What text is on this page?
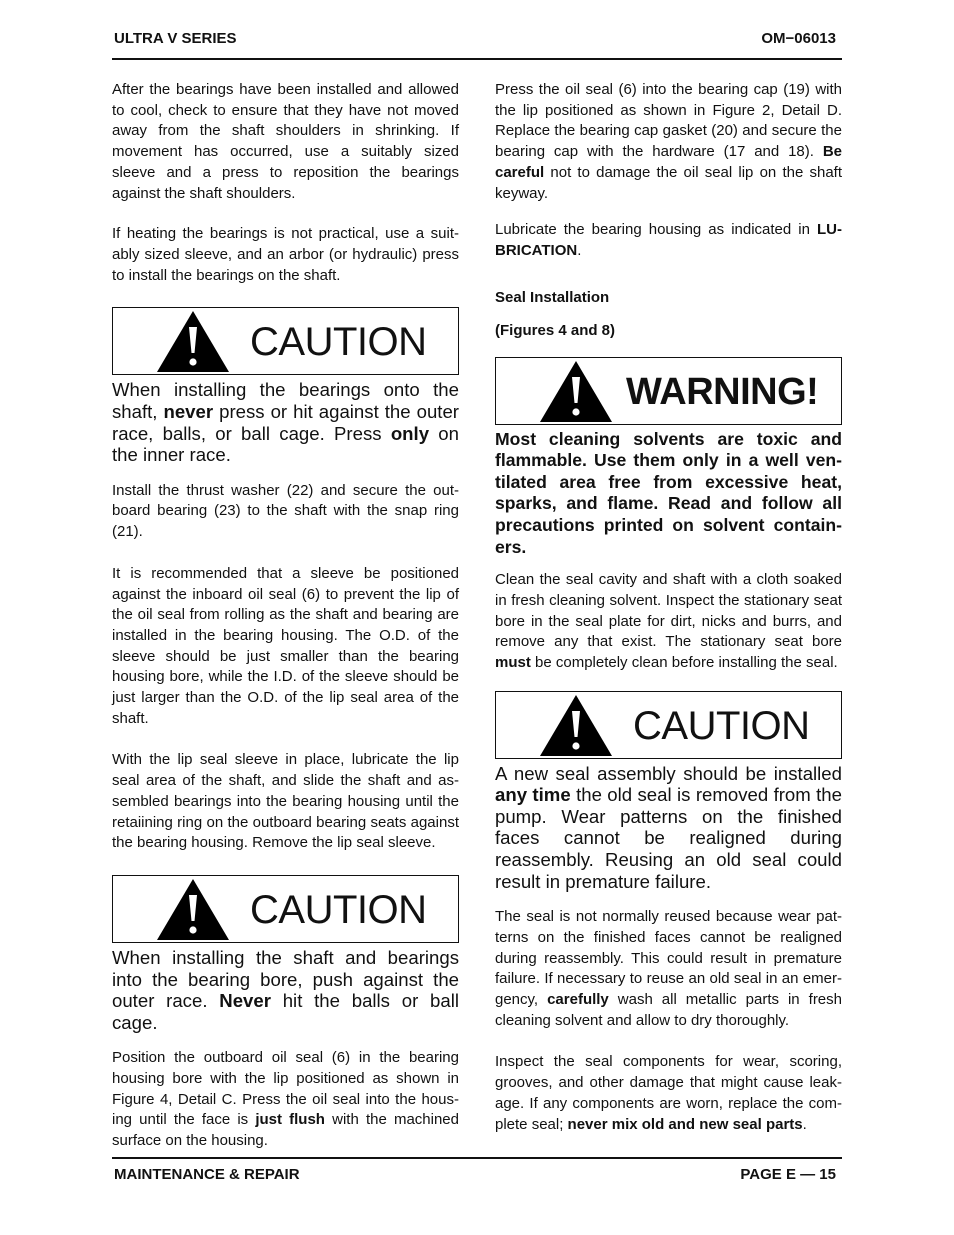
ULTRA V SERIES	OM−06013

After the bearings have been installed and allowed to cool, check to ensure that they have not moved away from the shaft shoulders in shrinking. If movement has occurred, use a suitably sized sleeve and a press to reposition the bearings against the shaft shoulders.

If heating the bearings is not practical, use a suitably sized sleeve, and an arbor (or hydraulic) press to install the bearings on the shaft.

CAUTION

When installing the bearings onto the shaft, never press or hit against the outer race, balls, or ball cage. Press only on the inner race.

Install the thrust washer (22) and secure the outboard bearing (23) to the shaft with the snap ring (21).

It is recommended that a sleeve be positioned against the inboard oil seal (6) to prevent the lip of the oil seal from rolling as the shaft and bearing are installed in the bearing housing. The O.D. of the sleeve should be just smaller than the bearing housing bore, while the I.D. of the sleeve should be just larger than the O.D. of the lip seal area of the shaft.

With the lip seal sleeve in place, lubricate the lip seal area of the shaft, and slide the shaft and assembled bearings into the bearing housing until the retaiining ring on the outboard bearing seats against the bearing housing. Remove the lip seal sleeve.

CAUTION

When installing the shaft and bearings into the bearing bore, push against the outer race. Never hit the balls or ball cage.

Position the outboard oil seal (6) in the bearing housing bore with the lip positioned as shown in Figure 4, Detail C. Press the oil seal into the housing until the face is just flush with the machined surface on the housing.

Press the oil seal (6) into the bearing cap (19) with the lip positioned as shown in Figure 2, Detail D. Replace the bearing cap gasket (20) and secure the bearing cap with the hardware (17 and 18). Be careful not to damage the oil seal lip on the shaft keyway.

Lubricate the bearing housing as indicated in LUBRICATION.

Seal Installation

(Figures 4 and 8)

WARNING!

Most cleaning solvents are toxic and flammable. Use them only in a well ventilated area free from excessive heat, sparks, and flame. Read and follow all precautions printed on solvent containers.

Clean the seal cavity and shaft with a cloth soaked in fresh cleaning solvent. Inspect the stationary seat bore in the seal plate for dirt, nicks and burrs, and remove any that exist. The stationary seat bore must be completely clean before installing the seal.

CAUTION

A new seal assembly should be installed any time the old seal is removed from the pump. Wear patterns on the finished faces cannot be realigned during reassembly. Reusing an old seal could result in premature failure.

The seal is not normally reused because wear patterns on the finished faces cannot be realigned during reassembly. This could result in premature failure. If necessary to reuse an old seal in an emergency, carefully wash all metallic parts in fresh cleaning solvent and allow to dry thoroughly.

Inspect the seal components for wear, scoring, grooves, and other damage that might cause leakage. If any components are worn, replace the complete seal; never mix old and new seal parts.

MAINTENANCE & REPAIR	PAGE E — 15
